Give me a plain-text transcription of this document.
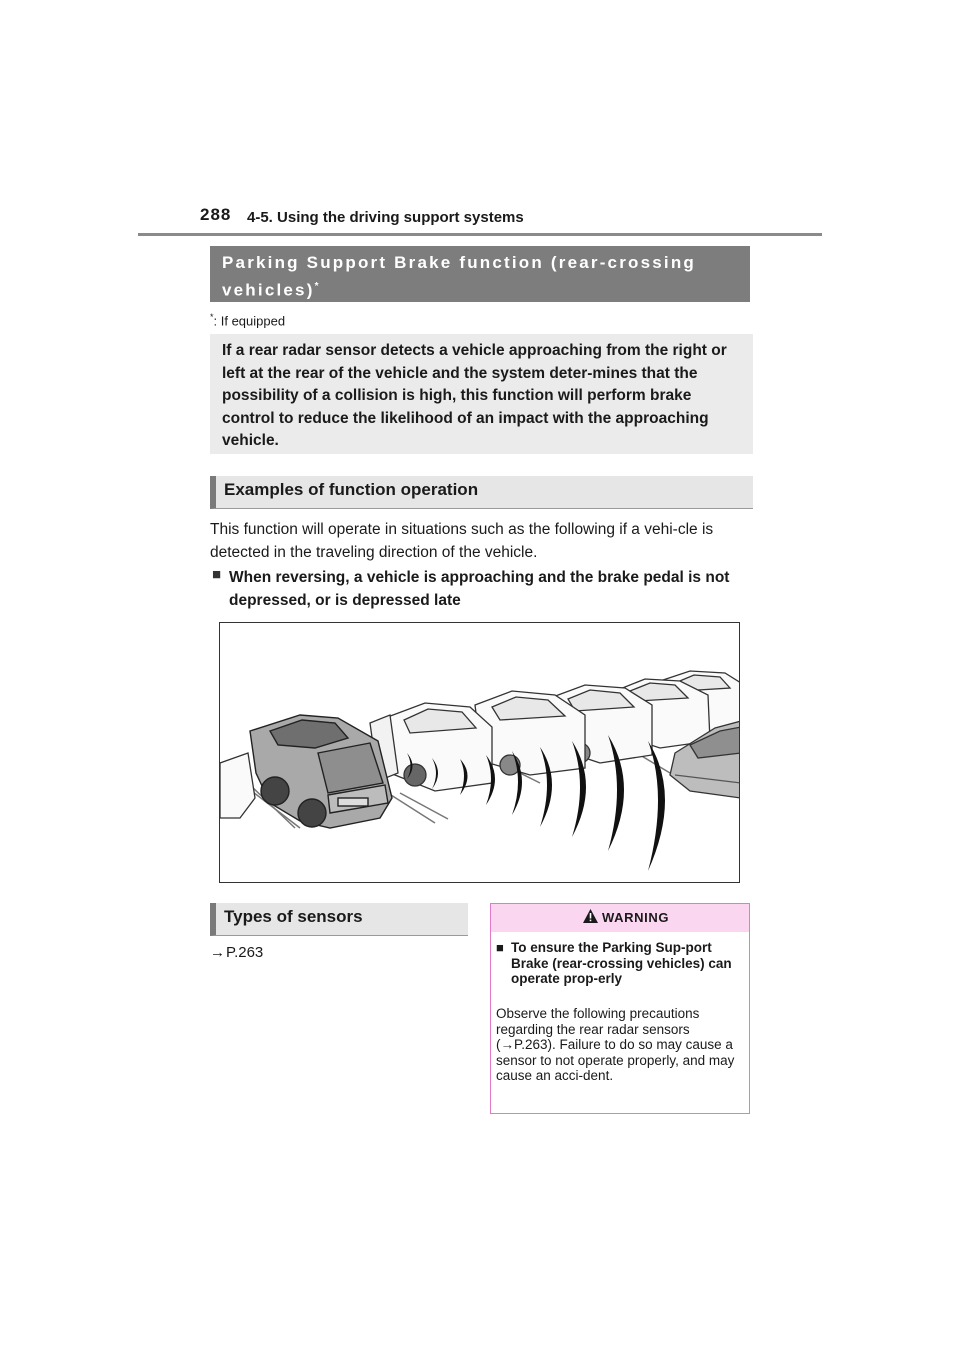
288 4-5. Using the driving support systems
Parking Support Brake function (rear-crossing vehicles)*
*: If equipped
If a rear radar sensor detects a vehicle approaching from the right or left at the rear of the vehicle and the system deter-mines that the possibility of a collision is high, this function will perform brake control to reduce the likelihood of an impact with the approaching vehicle.
Examples of function operation
This function will operate in situations such as the following if a vehi-cle is detected in the traveling direction of the vehicle.
■ When reversing, a vehicle is approaching and the brake pedal is not depressed, or is depressed late
Types of sensors
→ P.263
WARNING
■ To ensure the Parking Sup-port Brake (rear-crossing vehicles) can operate prop-erly
Observe the following precautions regarding the rear radar sensors (→P.263). Failure to do so may cause a sensor to not operate properly, and may cause an acci-dent.
